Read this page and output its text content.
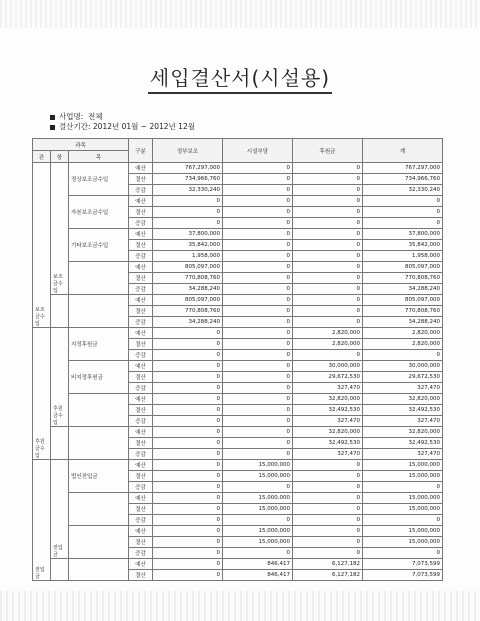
세입결산서(시설용)
사업명: 전체
결산기간: 2012년 01월 ~ 2012년 12월
과목			구분	정부보조	시설부담	후원금	계
관	항	목					
보조금수입	보조금수입	경상보조금수입	예산	767,297,000	0	0	767,297,000
			결산	734,966,760	0	0	734,966,760
			증감	32,330,240	0	0	32,330,240
		자본보조금수입	예산	0	0	0	0
			결산	0	0	0	0
			증감	0	0	0	0
		기타보조금수입	예산	37,800,000	0	0	37,800,000
			결산	35,842,000	0	0	35,842,000
			증감	1,958,000	0	0	1,958,000
			예산	805,097,000	0	0	805,097,000
			결산	770,808,760	0	0	770,808,760
			증감	34,288,240	0	0	34,288,240
			예산	805,097,000	0	0	805,097,000
			결산	770,808,760	0	0	770,808,760
			증감	34,288,240	0	0	34,288,240
후원금수입	후원금수입	지정후원금	예산	0	0	2,820,000	2,820,000
			결산	0	0	2,820,000	2,820,000
			증감	0	0	0	0
		비지정후원금	예산	0	0	30,000,000	30,000,000
			결산	0	0	29,672,530	29,672,530
			증감	0	0	327,470	327,470
			예산	0	0	32,820,000	32,820,000
			결산	0	0	32,492,530	32,492,530
			증감	0	0	327,470	327,470
			예산	0	0	32,820,000	32,820,000
			결산	0	0	32,492,530	32,492,530
			증감	0	0	327,470	327,470
전입금	전입금	법인전입금	예산	0	15,000,000	0	15,000,000
			결산	0	15,000,000	0	15,000,000
			증감	0	0	0	0
			예산	0	15,000,000	0	15,000,000
			결산	0	15,000,000	0	15,000,000
			증감	0	0	0	0
			예산	0	15,000,000	0	15,000,000
			결산	0	15,000,000	0	15,000,000
			증감	0	0	0	0
			예산	0	846,417	6,127,182	7,073,599
			결산	0	846,417	6,127,182	7,073,599
